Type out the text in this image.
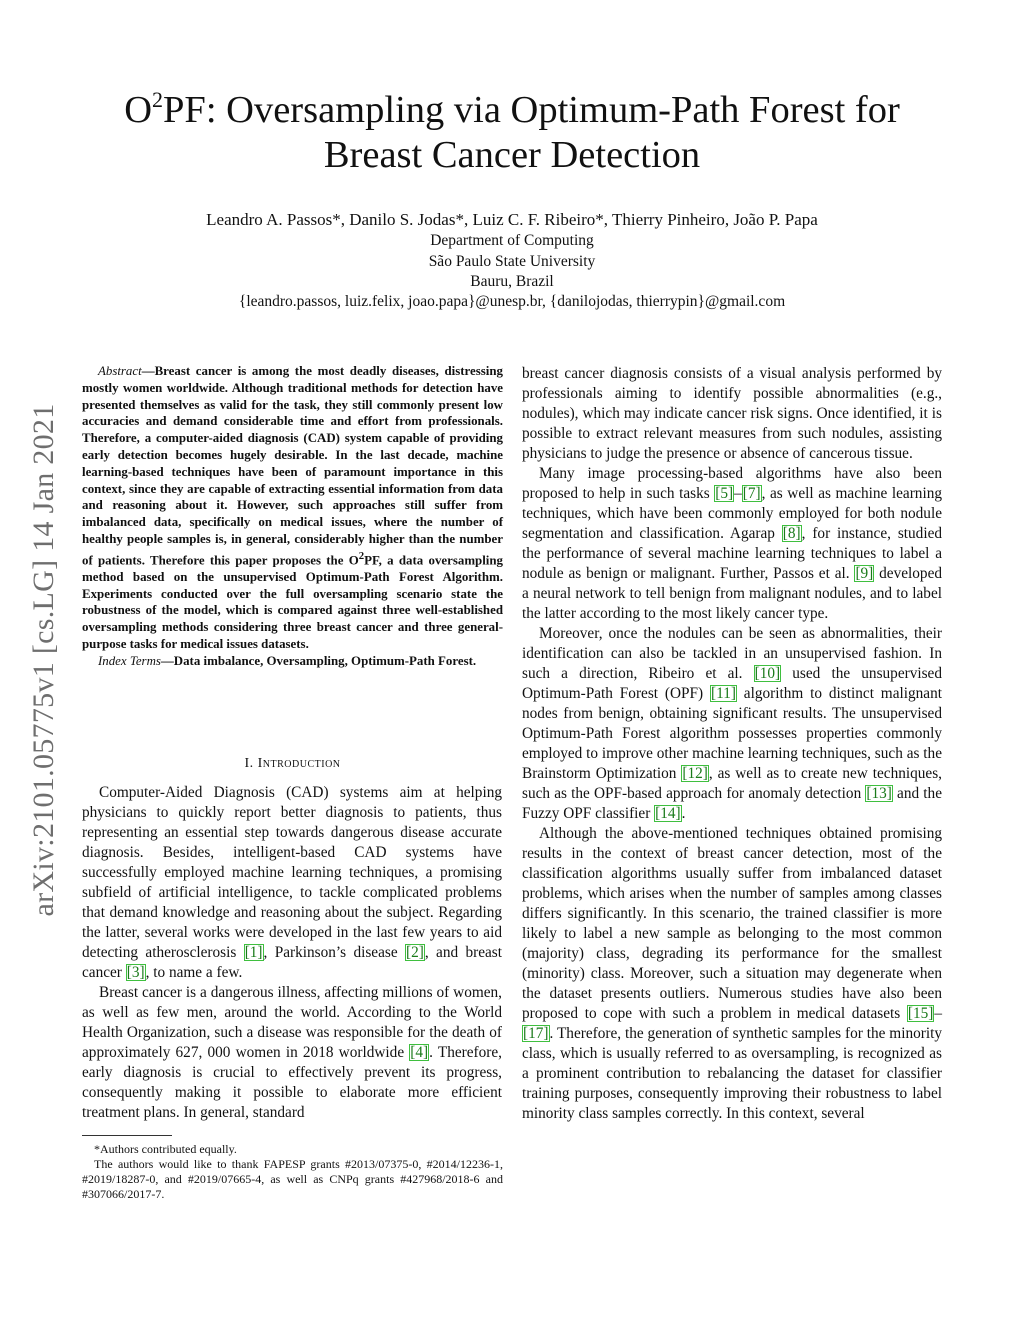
arXiv:2101.05775v1 [cs.LG] 14 Jan 2021
$O^2PF$: Oversampling via Optimum-Path Forest for
Breast Cancer Detection
Leandro A. Passos*, Danilo S. Jodas*, Luiz C. F. Ribeiro*, Thierry Pinheiro, João P. Papa
Department of Computing
São Paulo State University
Bauru, Brazil
{leandro.passos, luiz.felix, joao.papa}@unesp.br, {danilojodas, thierrypin}@gmail.com

Abstract—Breast cancer is among the most deadly diseases, distressing mostly women worldwide. Although traditional methods for detection have presented themselves as valid for the task, they still commonly present low accuracies and demand considerable time and effort from professionals. Therefore, a computer-aided diagnosis (CAD) system capable of providing early detection becomes hugely desirable. In the last decade, machine learning-based techniques have been of paramount importance in this context, since they are capable of extracting essential information from data and reasoning about it. However, such approaches still suffer from imbalanced data, specifically on medical issues, where the number of healthy people samples is, in general, considerably higher than the number of patients. Therefore this paper proposes the $O^2PF$, a data oversampling method based on the unsupervised Optimum-Path Forest Algorithm. Experiments conducted over the full oversampling scenario state the robustness of the model, which is compared against three well-established oversampling methods considering three breast cancer and three general-purpose tasks for medical issues datasets.

Index Terms—Data imbalance, Oversampling, Optimum-Path Forest.

I. Introduction

Computer-Aided Diagnosis (CAD) systems aim at helping physicians to quickly report better diagnosis to patients, thus representing an essential step towards dangerous disease accurate diagnosis. Besides, intelligent-based CAD systems have successfully employed machine learning techniques, a promising subfield of artificial intelligence, to tackle complicated problems that demand knowledge and reasoning about the subject. Regarding the latter, several works were developed in the last few years to aid detecting atherosclerosis [1], Parkinson’s disease [2], and breast cancer [3], to name a few.

Breast cancer is a dangerous illness, affecting millions of women, as well as few men, around the world. According to the World Health Organization, such a disease was responsible for the death of approximately 627, 000 women in 2018 worldwide [4]. Therefore, early diagnosis is crucial to effectively prevent its progress, consequently making it possible to elaborate more efficient treatment plans. In general, standard

*Authors contributed equally.

The authors would like to thank FAPESP grants #2013/07375-0, #2014/12236-1, #2019/18287-0, and #2019/07665-4, as well as CNPq grants #427968/2018-6 and #307066/2017-7.

breast cancer diagnosis consists of a visual analysis performed by professionals aiming to identify possible abnormalities (e.g., nodules), which may indicate cancer risk signs. Once identified, it is possible to extract relevant measures from such nodules, assisting physicians to judge the presence or absence of cancerous tissue.

Many image processing-based algorithms have also been proposed to help in such tasks [5]–[7], as well as machine learning techniques, which have been commonly employed for both nodule segmentation and classification. Agarap [8], for instance, studied the performance of several machine learning techniques to label a nodule as benign or malignant. Further, Passos et al. [9] developed a neural network to tell benign from malignant nodules, and to label the latter according to the most likely cancer type.

Moreover, once the nodules can be seen as abnormalities, their identification can also be tackled in an unsupervised fashion. In such a direction, Ribeiro et al. [10] used the unsupervised Optimum-Path Forest (OPF) [11] algorithm to distinct malignant nodes from benign, obtaining significant results. The unsupervised Optimum-Path Forest algorithm possesses properties commonly employed to improve other machine learning techniques, such as the Brainstorm Optimization [12], as well as to create new techniques, such as the OPF-based approach for anomaly detection [13] and the Fuzzy OPF classifier [14].

Although the above-mentioned techniques obtained promising results in the context of breast cancer detection, most of the classification algorithms usually suffer from imbalanced dataset problems, which arises when the number of samples among classes differs significantly. In this scenario, the trained classifier is more likely to label a new sample as belonging to the most common (majority) class, degrading its performance for the smallest (minority) class. Moreover, such a situation may degenerate when the dataset presents outliers. Numerous studies have also been proposed to cope with such a problem in medical datasets [15]–[17]. Therefore, the generation of synthetic samples for the minority class, which is usually referred to as oversampling, is recognized as a prominent contribution to rebalancing the dataset for classifier training purposes, consequently improving their robustness to label minority class samples correctly. In this context, several
